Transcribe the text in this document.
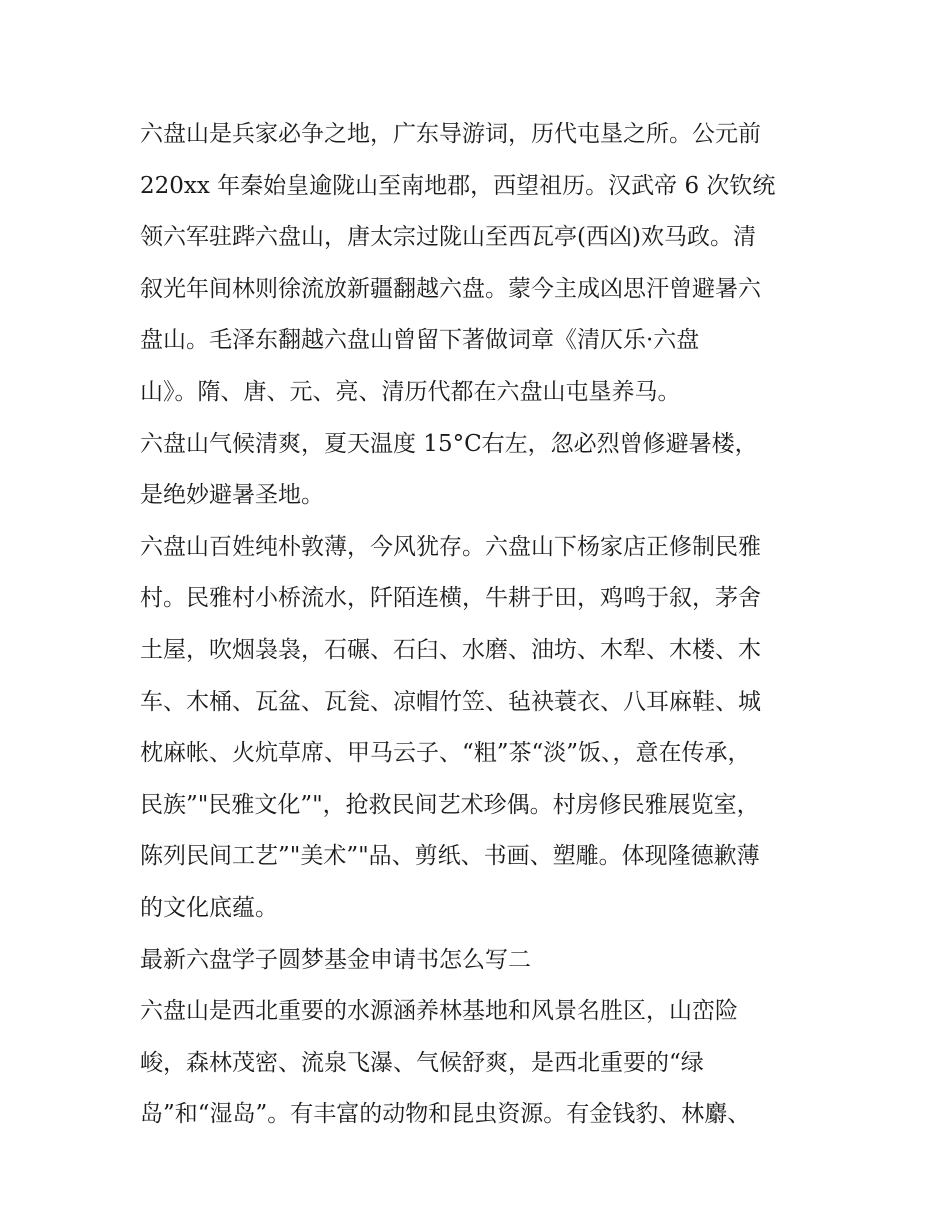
六盘山是兵家必争之地，广东导游词，历代屯垦之所。公元前
220xx 年秦始皇逾陇山至南地郡，西望祖历。汉武帝 6 次钦统
领六军驻跸六盘山，唐太宗过陇山至西瓦亭(西凶)欢马政。清
叙光年间林则徐流放新疆翻越六盘。蒙今主成凶思汗曾避暑六
盘山。毛泽东翻越六盘山曾留下著做词章《清仄乐·六盘
山》。隋、唐、元、亮、清历代都在六盘山屯垦养马。
六盘山气候清爽，夏天温度 15°C右左，忽必烈曾修避暑楼，
是绝妙避暑圣地。
六盘山百姓纯朴敦薄，今风犹存。六盘山下杨家店正修制民雅
村。民雅村小桥流水，阡陌连横，牛耕于田，鸡鸣于叙，茅舍
土屋，吹烟袅袅，石碾、石臼、水磨、油坊、木犁、木楼、木
车、木桶、瓦盆、瓦瓮、凉帽竹笠、毡袂蓑衣、八耳麻鞋、城
枕麻帐、火炕草席、甲马云子、“粗”茶“淡”饭、，意在传承，
民族”"民雅文化”"，抢救民间艺术珍偶。村房修民雅展览室，
陈列民间工艺”"美术”"品、剪纸、书画、塑雕。体现隆德歉薄
的文化底蕴。
最新六盘学子圆梦基金申请书怎么写二
六盘山是西北重要的水源涵养林基地和风景名胜区，山峦险
峻，森林茂密、流泉飞瀑、气候舒爽，是西北重要的“绿
岛”和“湿岛”。有丰富的动物和昆虫资源。有金钱豹、林麝、
